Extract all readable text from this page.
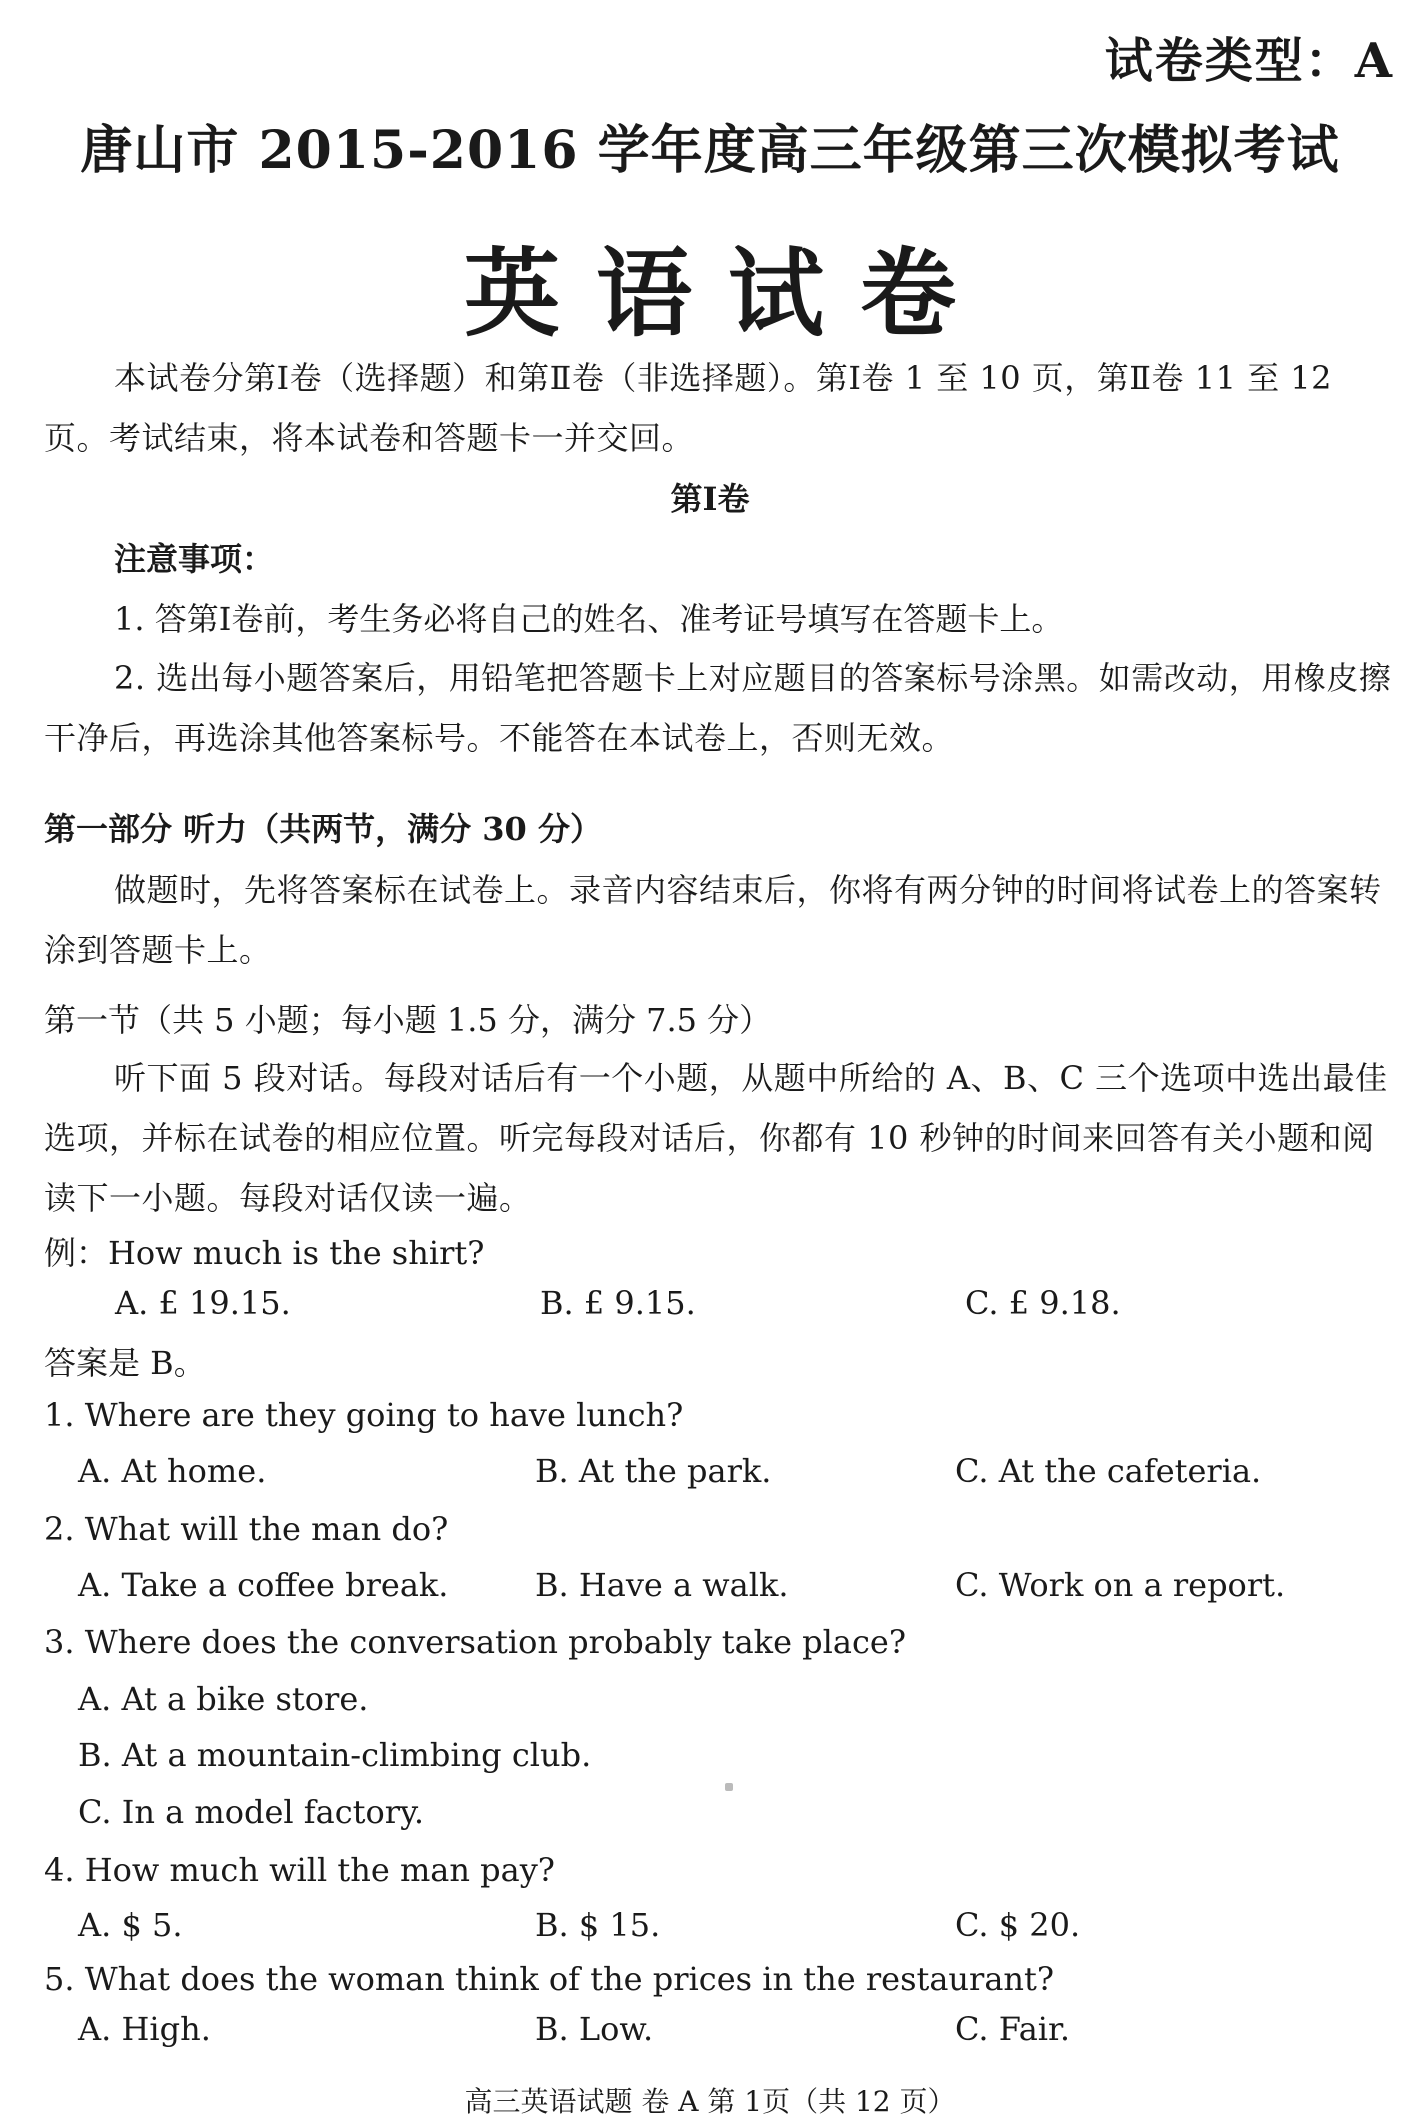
试卷类型：A
唐山市 2015-2016 学年度高三年级第三次模拟考试
英语试卷
本试卷分第Ⅰ卷（选择题）和第Ⅱ卷（非选择题）。第Ⅰ卷 1 至 10 页，第Ⅱ卷 11 至 12 页。考试结束，将本试卷和答题卡一并交回。
第Ⅰ卷
注意事项：
1. 答第Ⅰ卷前，考生务必将自己的姓名、准考证号填写在答题卡上。
2. 选出每小题答案后，用铅笔把答题卡上对应题目的答案标号涂黑。如需改动，用橡皮擦干净后，再选涂其他答案标号。不能答在本试卷上，否则无效。
第一部分 听力（共两节，满分 30 分）
做题时，先将答案标在试卷上。录音内容结束后，你将有两分钟的时间将试卷上的答案转涂到答题卡上。
第一节（共 5 小题；每小题 1.5 分，满分 7.5 分）
听下面 5 段对话。每段对话后有一个小题，从题中所给的 A、B、C 三个选项中选出最佳选项，并标在试卷的相应位置。听完每段对话后，你都有 10 秒钟的时间来回答有关小题和阅读下一小题。每段对话仅读一遍。
例：How much is the shirt?
A. £ 19.15.	B. £ 9.15.	C. £ 9.18.
答案是 B。
1. Where are they going to have lunch?
A. At home.	B. At the park.	C. At the cafeteria.
2. What will the man do?
A. Take a coffee break.	B. Have a walk.	C. Work on a report.
3. Where does the conversation probably take place?
A. At a bike store.
B. At a mountain-climbing club.
C. In a model factory.
4. How much will the man pay?
A. $ 5.	B. $ 15.	C. $ 20.
5. What does the woman think of the prices in the restaurant?
A. High.	B. Low.	C. Fair.
高三英语试题 卷 A 第 1页（共 12 页）
